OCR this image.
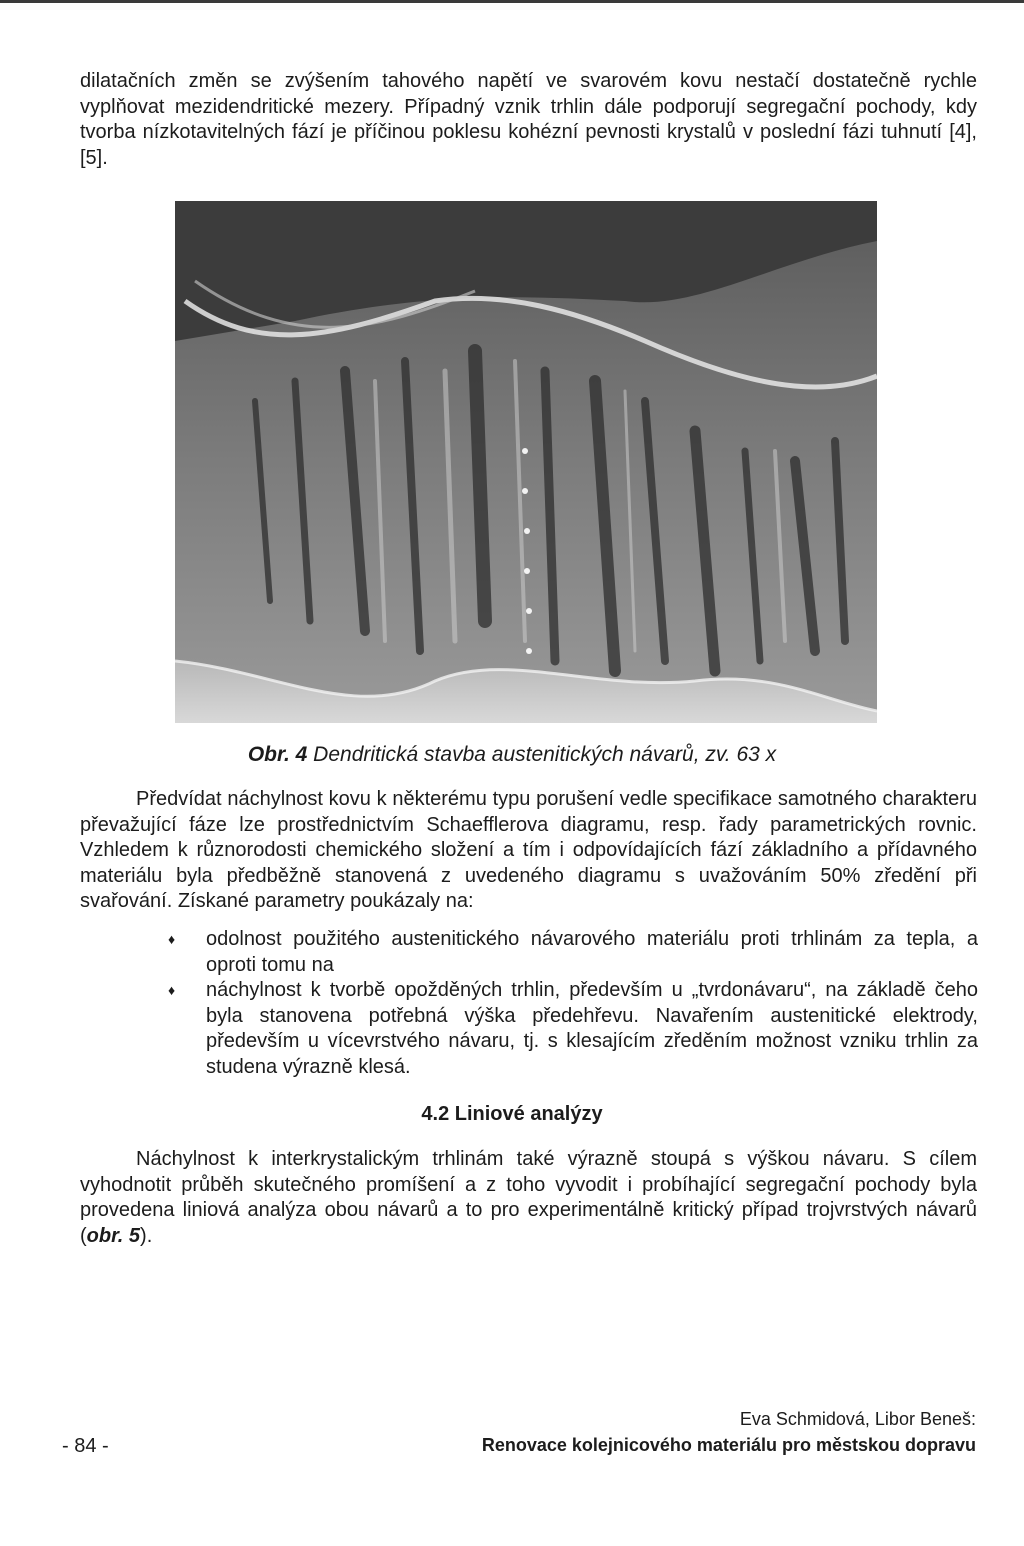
dilatačních změn se zvýšením tahového napětí ve svarovém kovu nestačí dostatečně rychle vyplňovat mezidendritické mezery. Případný vznik trhlin dále podporují segregační pochody, kdy tvorba nízkotavitelných fází je příčinou poklesu kohézní pevnosti krystalů v poslední fázi tuhnutí [4], [5].

Obr. 4 Dendritická stavba austenitických návarů, zv. 63 x

Předvídat náchylnost kovu k některému typu porušení vedle specifikace samotného charakteru převažující fáze lze prostřednictvím Schaefflerova diagramu, resp. řady parametrických rovnic. Vzhledem k různorodosti chemického složení a tím i odpovídajících fází základního a přídavného materiálu byla předběžně stanovená z uvedeného diagramu s uvažováním 50% zředění při svařování. Získané parametry poukázaly na:

♦ odolnost použitého austenitického návarového materiálu proti trhlinám za tepla, a oproti tomu na
♦ náchylnost k tvorbě opožděných trhlin, především u „tvrdonávaru“, na základě čeho byla stanovena potřebná výška předehřevu. Navařením austenitické elektrody, především u vícevrstvého návaru, tj. s klesajícím zředěním možnost vzniku trhlin za studena výrazně klesá.
4.2 Liniové analýzy

Náchylnost k interkrystalickým trhlinám také výrazně stoupá s výškou návaru. S cílem vyhodnotit průběh skutečného promíšení a z toho vyvodit i probíhající segregační pochody byla provedena liniová analýza obou návarů a to pro experimentálně kritický případ trojvrstvých návarů (obr. 5).

- 84 -
Eva Schmidová, Libor Beneš:
Renovace kolejnicového materiálu pro městskou dopravu
